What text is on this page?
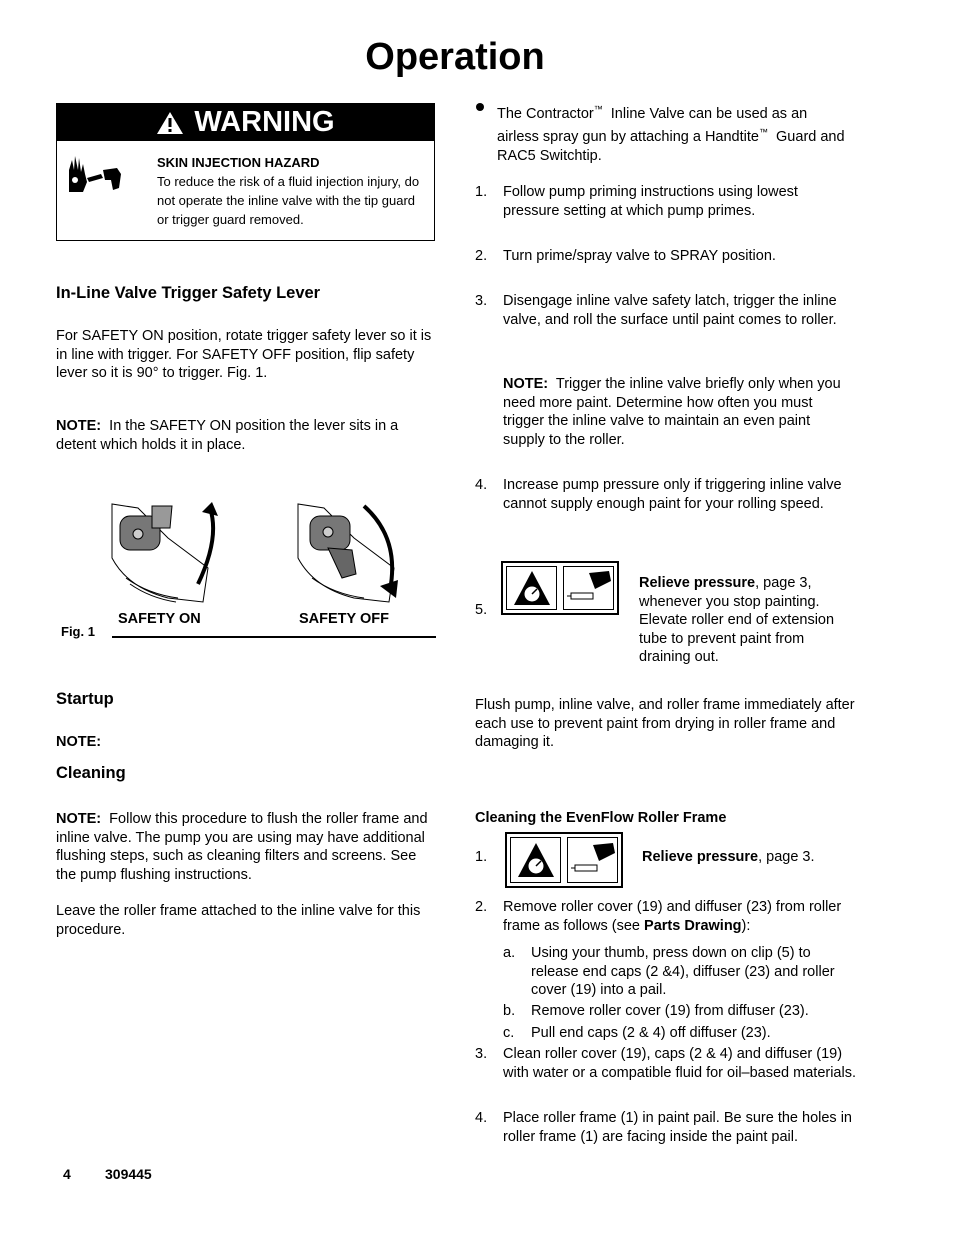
Operation
WARNING
SKIN INJECTION HAZARD
To reduce the risk of a fluid injection injury, do not operate the inline valve with the tip guard or trigger guard removed.
In-Line Valve Trigger Safety Lever
For SAFETY ON position, rotate trigger safety lever so it is in line with trigger. For SAFETY OFF position, flip safety lever so it is 90° to trigger. Fig. 1.
NOTE: In the SAFETY ON position the lever sits in a detent which holds it in place.
SAFETY ON	SAFETY OFF
Fig. 1
Startup
NOTE:
Cleaning
NOTE: Follow this procedure to flush the roller frame and inline valve. The pump you are using may have additional flushing steps, such as cleaning filters and screens. See the pump flushing instructions.
Leave the roller frame attached to the inline valve for this procedure.
The Contractor™ Inline Valve can be used as an airless spray gun by attaching a Handtite™ Guard and RAC5 Switchtip.
1.	Follow pump priming instructions using lowest pressure setting at which pump primes.
2.	Turn prime/spray valve to SPRAY position.
3.	Disengage inline valve safety latch, trigger the inline valve, and roll the surface until paint comes to roller.
NOTE: Trigger the inline valve briefly only when you need more paint. Determine how often you must trigger the inline valve to maintain an even paint supply to the roller.
4.	Increase pump pressure only if triggering inline valve cannot supply enough paint for your rolling speed.
5.
Relieve pressure, page 3, whenever you stop painting. Elevate roller end of extension tube to prevent paint from draining out.
Flush pump, inline valve, and roller frame immediately after each use to prevent paint from drying in roller frame and damaging it.
Cleaning the EvenFlow Roller Frame
1.	Relieve pressure, page 3.
2.	Remove roller cover (19) and diffuser (23) from roller frame as follows (see Parts Drawing):
a. Using your thumb, press down on clip (5) to release end caps (2 &4), diffuser (23) and roller cover (19) into a pail.
b. Remove roller cover (19) from diffuser (23).
c. Pull end caps (2 & 4) off diffuser (23).
3.	Clean roller cover (19), caps (2 & 4) and diffuser (19) with water or a compatible fluid for oil–based materials.
4.	Place roller frame (1) in paint pail. Be sure the holes in roller frame (1) are facing inside the paint pail.
4 309445
